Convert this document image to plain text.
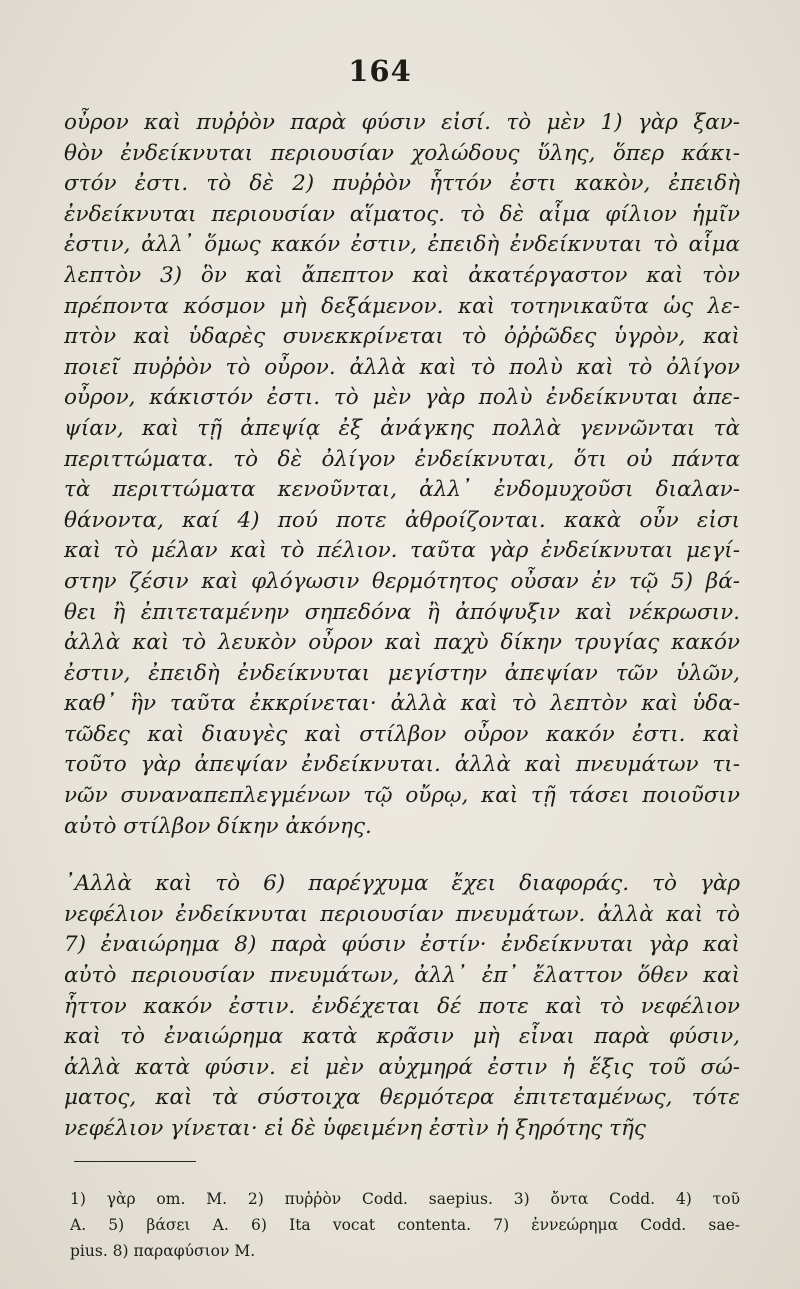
164
οὖρον καὶ πυῤῥὸν παρὰ φύσιν εἰσί. τὸ μὲν 1) γὰρ ξαν-
θὸν ἐνδείκνυται περιουσίαν χολώδους ὕλης, ὅπερ κάκι-
στόν ἐστι. τὸ δὲ 2) πυῤῥὸν ἧττόν ἐστι κακὸν, ἐπειδὴ
ἐνδείκνυται περιουσίαν αἵματος. τὸ δὲ αἷμα φίλιον ἡμῖν
ἐστιν, ἀλλ᾽ ὅμως κακόν ἐστιν, ἐπειδὴ ἐνδείκνυται τὸ αἷμα
λεπτὸν 3) ὃν καὶ ἄπεπτον καὶ ἀκατέργαστον καὶ τὸν
πρέποντα κόσμον μὴ δεξάμενον. καὶ τοτηνικαῦτα ὡς λε-
πτὸν καὶ ὑδαρὲς συνεκκρίνεται τὸ ὀῤῥῶδες ὑγρὸν, καὶ
ποιεῖ πυῤῥὸν τὸ οὖρον. ἀλλὰ καὶ τὸ πολὺ καὶ τὸ ὀλίγον
οὖρον, κάκιστόν ἐστι. τὸ μὲν γὰρ πολὺ ἐνδείκνυται ἀπε-
ψίαν, καὶ τῇ ἀπεψίᾳ ἐξ ἀνάγκης πολλὰ γεννῶνται τὰ
περιττώματα. τὸ δὲ ὀλίγον ἐνδείκνυται, ὅτι οὐ πάντα
τὰ περιττώματα κενοῦνται, ἀλλ᾽ ἐνδομυχοῦσι διαλαν-
θάνοντα, καί 4) πού ποτε ἀθροίζονται. κακὰ οὖν εἰσι
καὶ τὸ μέλαν καὶ τὸ πέλιον. ταῦτα γὰρ ἐνδείκνυται μεγί-
στην ζέσιν καὶ φλόγωσιν θερμότητος οὖσαν ἐν τῷ 5) βά-
θει ἢ ἐπιτεταμένην σηπεδόνα ἢ ἀπόψυξιν καὶ νέκρωσιν.
ἀλλὰ καὶ τὸ λευκὸν οὖρον καὶ παχὺ δίκην τρυγίας κακόν
ἐστιν, ἐπειδὴ ἐνδείκνυται μεγίστην ἀπεψίαν τῶν ὑλῶν,
καθ᾽ ἣν ταῦτα ἐκκρίνεται· ἀλλὰ καὶ τὸ λεπτὸν καὶ ὑδα-
τῶδες καὶ διαυγὲς καὶ στίλβον οὖρον κακόν ἐστι. καὶ
τοῦτο γὰρ ἀπεψίαν ἐνδείκνυται. ἀλλὰ καὶ πνευμάτων τι-
νῶν συναναπεπλεγμένων τῷ οὔρῳ, καὶ τῇ τάσει ποιοῦσιν
αὐτὸ στίλβον δίκην ἀκόνης.
᾽Αλλὰ καὶ τὸ 6) παρέγχυμα ἔχει διαφοράς. τὸ γὰρ
νεφέλιον ἐνδείκνυται περιουσίαν πνευμάτων. ἀλλὰ καὶ τὸ
7) ἐναιώρημα 8) παρὰ φύσιν ἐστίν· ἐνδείκνυται γὰρ καὶ
αὐτὸ περιουσίαν πνευμάτων, ἀλλ᾽ ἐπ᾽ ἔλαττον ὅθεν καὶ
ἧττον κακόν ἐστιν. ἐνδέχεται δέ ποτε καὶ τὸ νεφέλιον
καὶ τὸ ἐναιώρημα κατὰ κρᾶσιν μὴ εἶναι παρὰ φύσιν,
ἀλλὰ κατὰ φύσιν. εἰ μὲν αὐχμηρά ἐστιν ἡ ἕξις τοῦ σώ-
ματος, καὶ τὰ σύστοιχα θερμότερα ἐπιτεταμένως, τότε
νεφέλιον γίνεται· εἰ δὲ ὑφειμένη ἐστὶν ἡ ξηρότης τῆς
1) γὰρ om. M. 2) πυῤῥὸν Codd. saepius. 3) ὄντα Codd. 4) τοῦ
A. 5) βάσει A. 6) Ita vocat contenta. 7) ἐννεώρημα Codd. sae-
pius. 8) παραφύσιον M.
